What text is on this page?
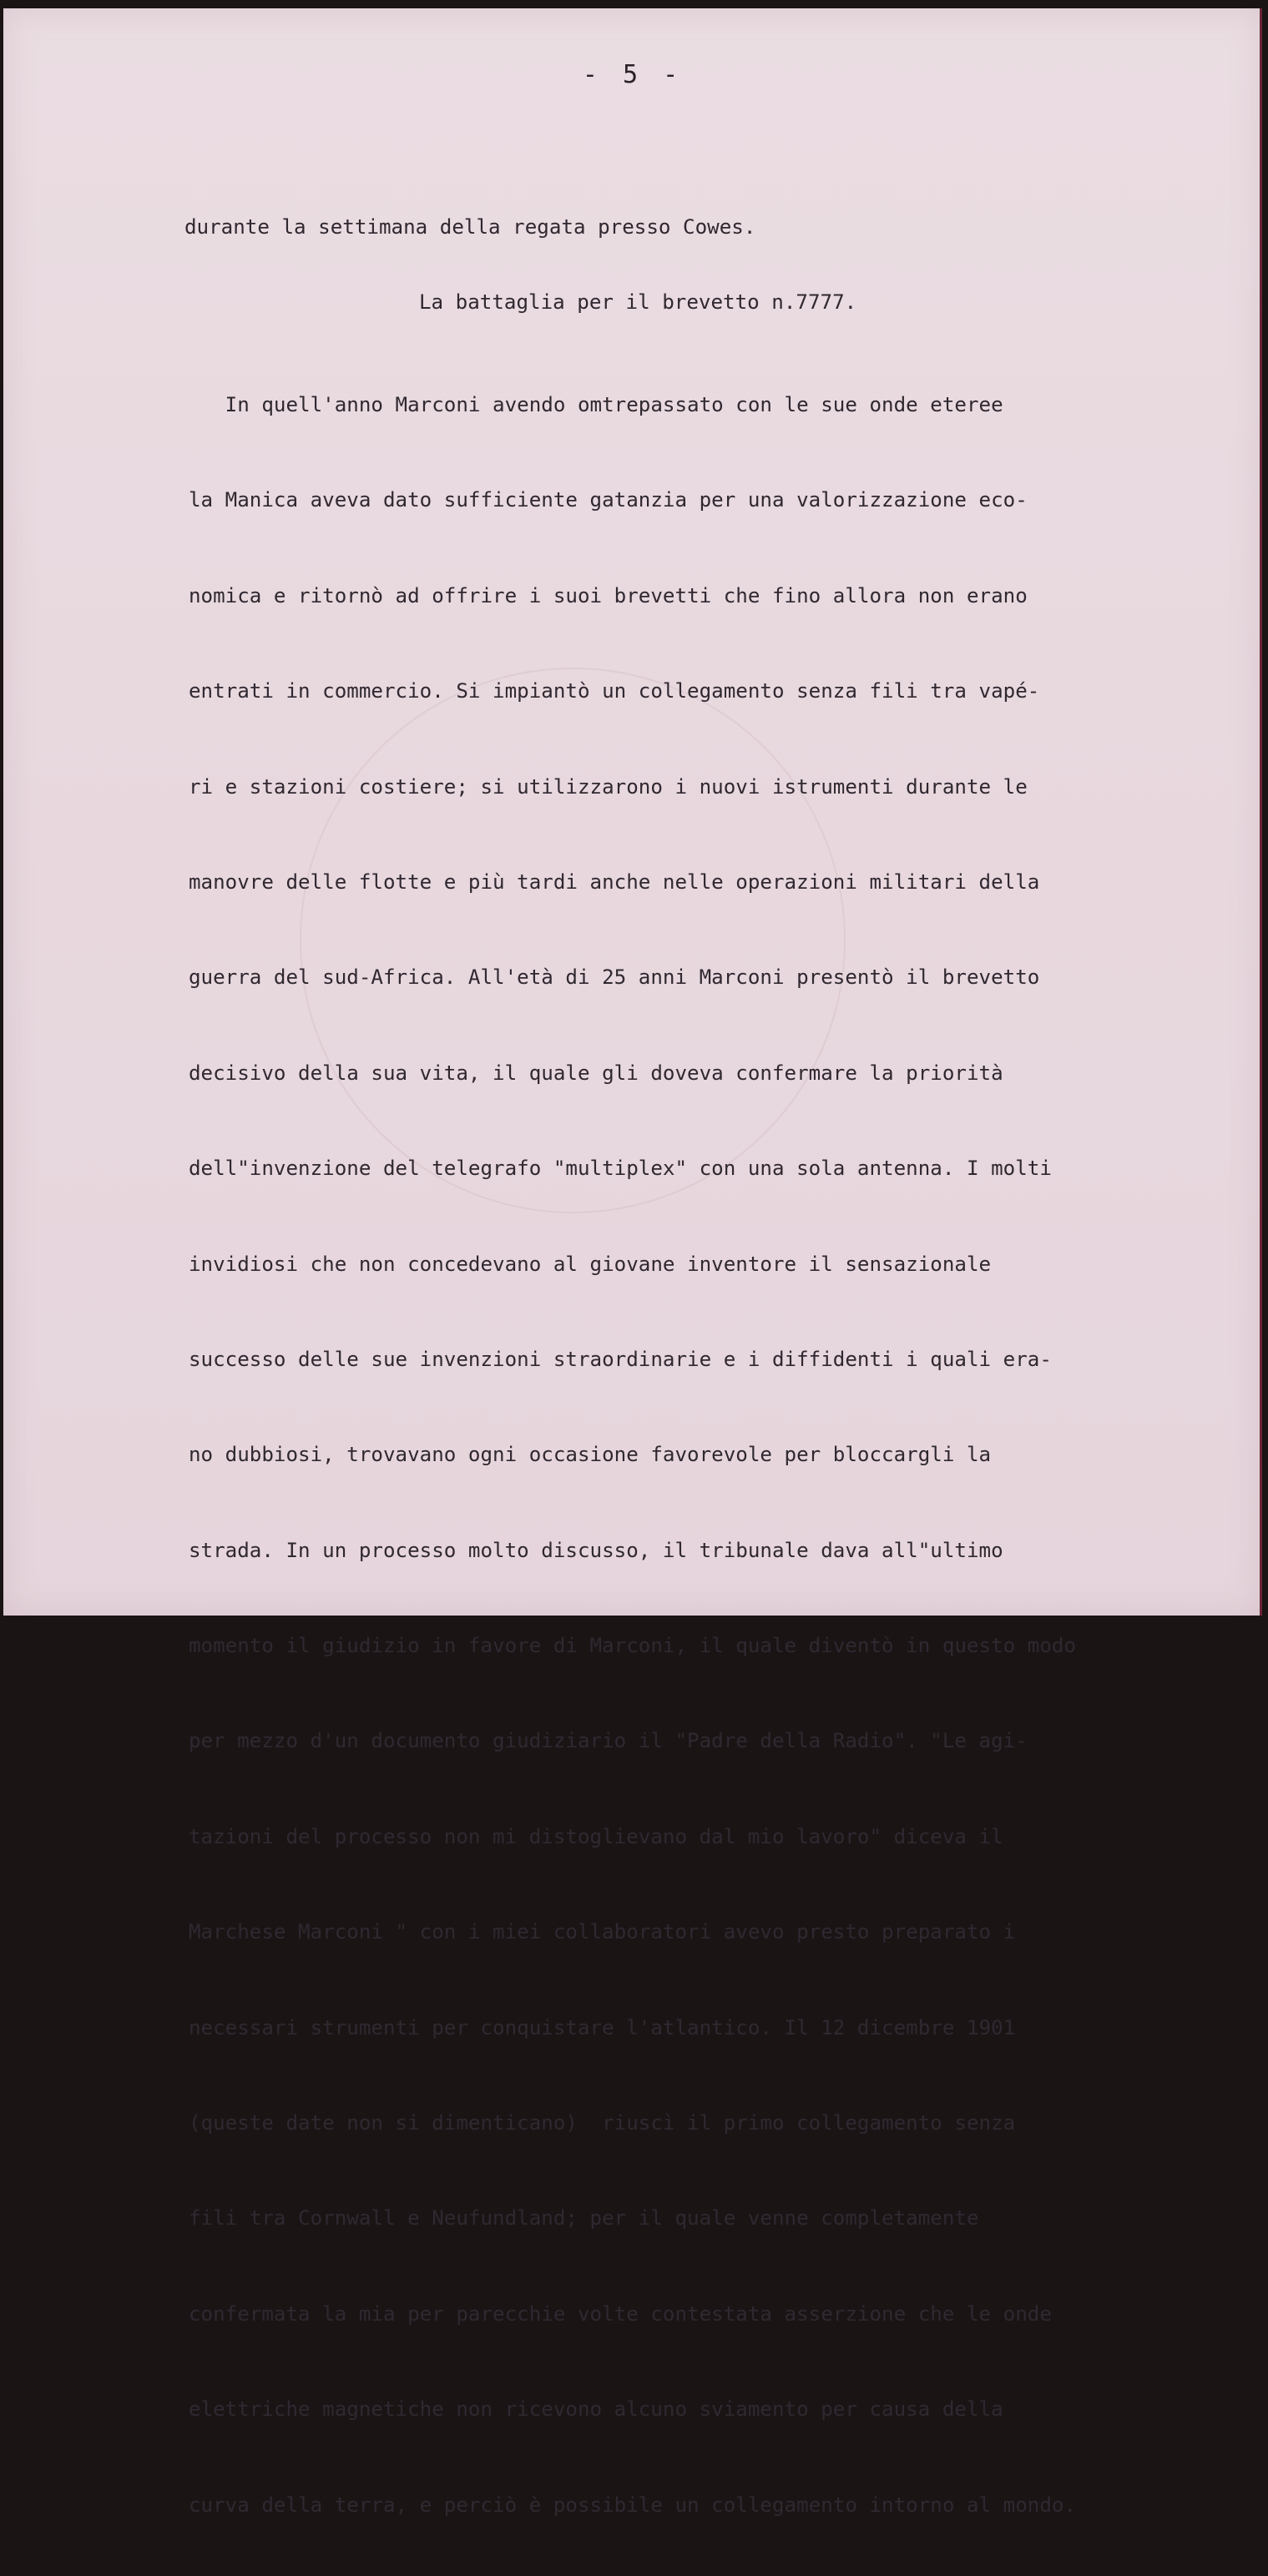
- 5 -

durante la settimana della regata presso Cowes.

La battaglia per il brevetto n.7777.

In quell'anno Marconi avendo omtrepassato con le sue onde eteree

la Manica aveva dato sufficiente gatanzia per una valorizzazione eco-

nomica e ritornò ad offrire i suoi brevetti che fino allora non erano

entrati in commercio. Si impiantò un collegamento senza fili tra vapé-

ri e stazioni costiere; si utilizzarono i nuovi istrumenti durante le

manovre delle flotte e più tardi anche nelle operazioni militari della

guerra del sud-Africa. All'età di 25 anni Marconi presentò il brevetto

decisivo della sua vita, il quale gli doveva confermare la priorità

dell"invenzione del telegrafo "multiplex" con una sola antenna. I molti

invidiosi che non concedevano al giovane inventore il sensazionale

successo delle sue invenzioni straordinarie e i diffidenti i quali era-

no dubbiosi, trovavano ogni occasione favorevole per bloccargli la

strada. In un processo molto discusso, il tribunale dava all"ultimo

momento il giudizio in favore di Marconi, il quale diventò in questo modo

per mezzo d'un documento giudiziario il "Padre della Radio". "Le agi-

tazioni del processo non mi distoglievano dal mio lavoro" diceva il

Marchese Marconi " con i miei collaboratori avevo presto preparato i

necessari strumenti per conquistare l'atlantico. Il 12 dicembre 1901

(queste date non si dimenticano)  riuscì il primo collegamento senza

fili tra Cornwall e Neufundland; per il quale venne completamente

confermata la mia per parecchie volte contestata asserzione che le onde

elettriche magnetiche non ricevono alcuno sviamento per causa della

curva della terra, e perciò è possibile un collegamento intorno al mondo.
